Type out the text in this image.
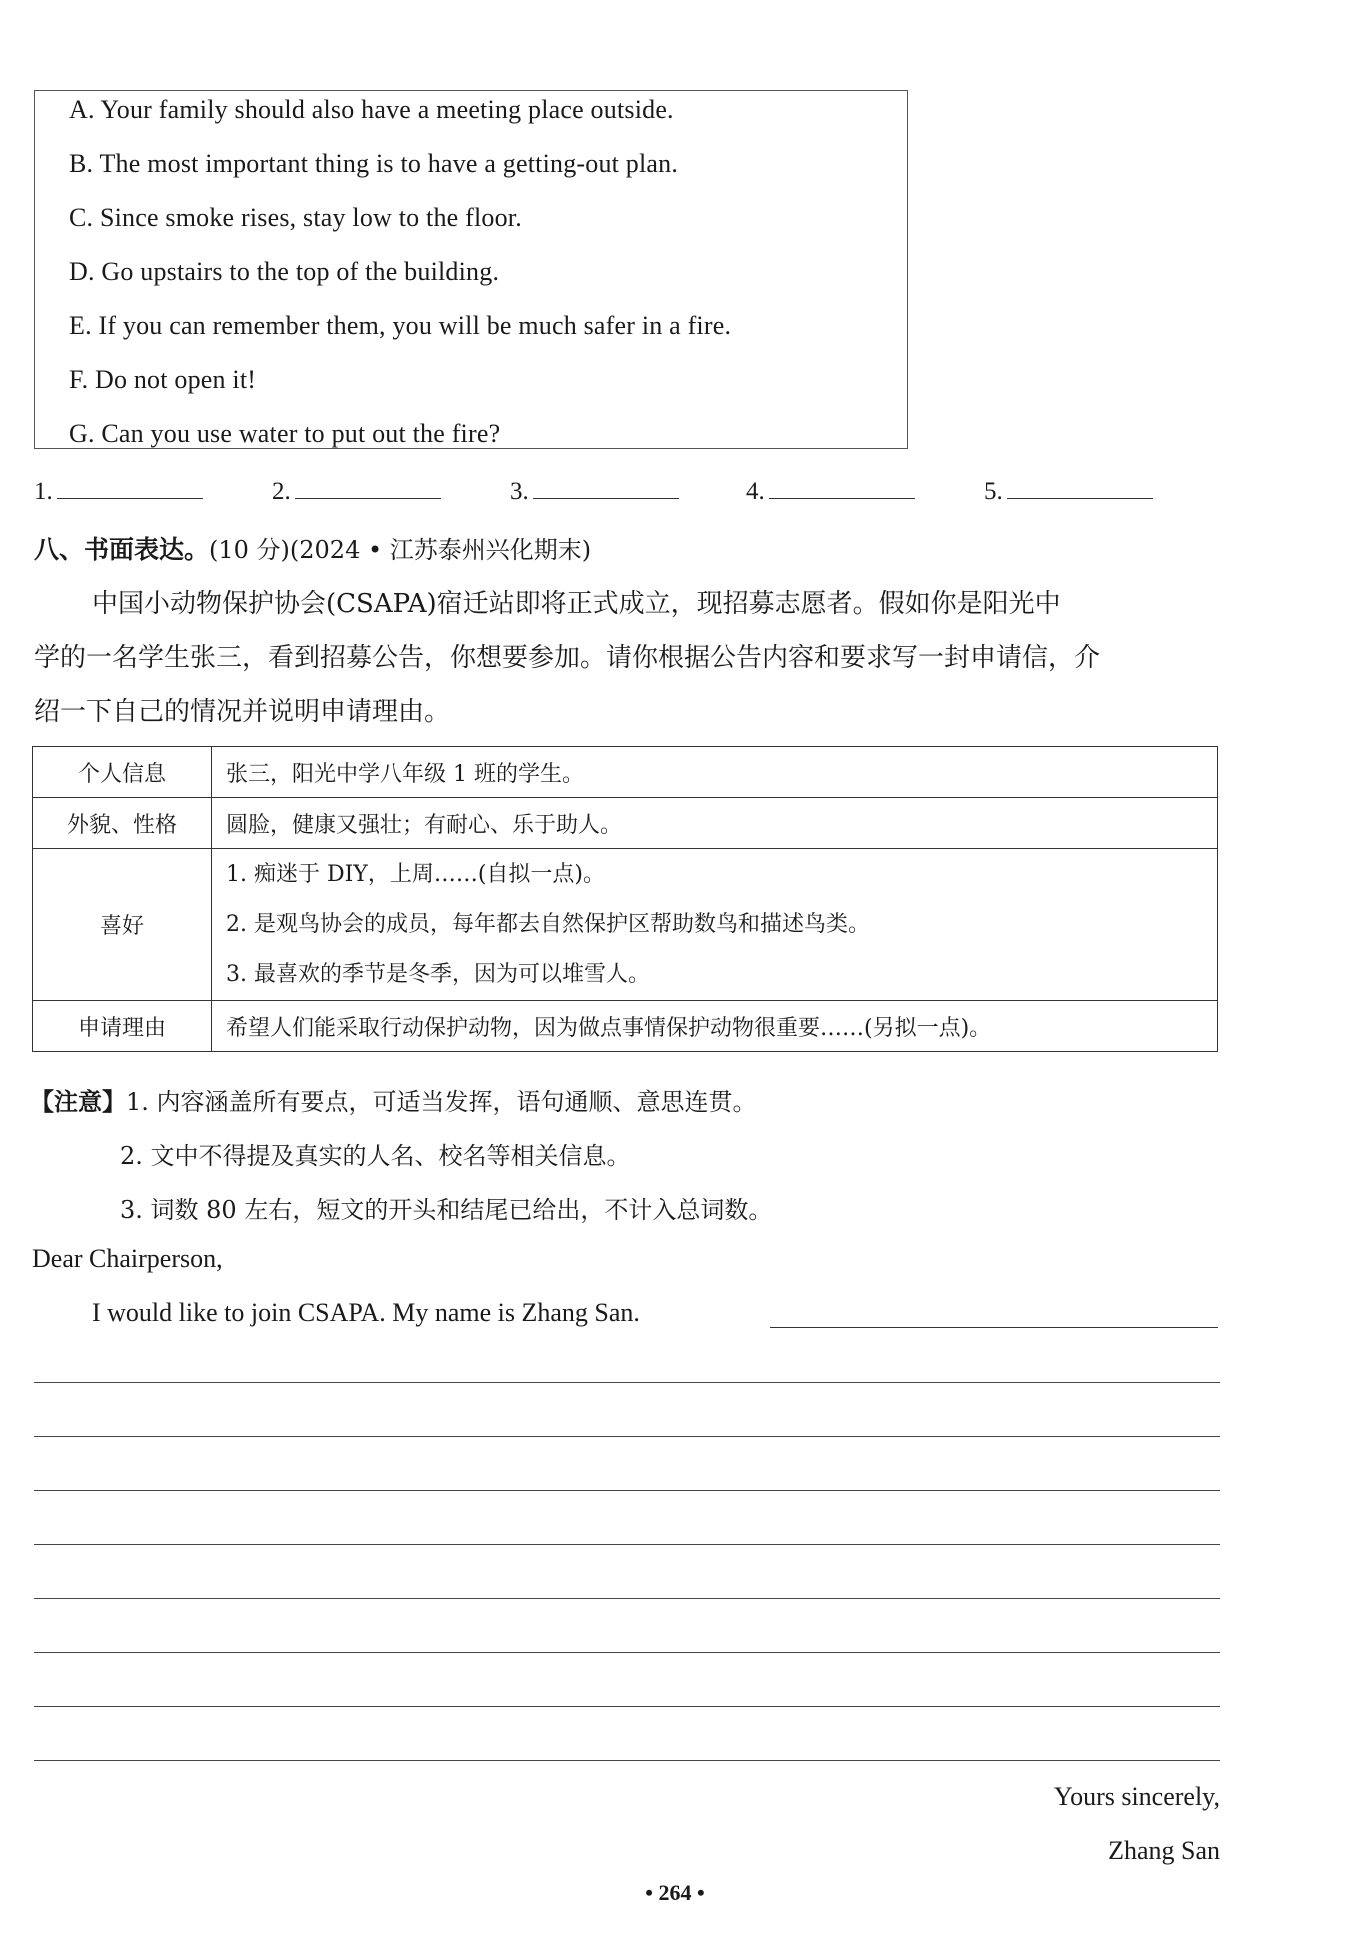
A. Your family should also have a meeting place outside.
B. The most important thing is to have a getting-out plan.
C. Since smoke rises, stay low to the floor.
D. Go upstairs to the top of the building.
E. If you can remember them, you will be much safer in a fire.
F. Do not open it!
G. Can you use water to put out the fire?
1.	2.	3.	4.	5.
八、书面表达。(10 分)(2024 • 江苏泰州兴化期末)
中国小动物保护协会(CSAPA)宿迁站即将正式成立，现招募志愿者。假如你是阳光中
学的一名学生张三，看到招募公告，你想要参加。请你根据公告内容和要求写一封申请信，介
绍一下自己的情况并说明申请理由。
个人信息	张三，阳光中学八年级 1 班的学生。
外貌、性格	圆脸，健康又强壮；有耐心、乐于助人。
喜好	1. 痴迷于 DIY，上周……(自拟一点)。
2. 是观鸟协会的成员，每年都去自然保护区帮助数鸟和描述鸟类。
3. 最喜欢的季节是冬季，因为可以堆雪人。

申请理由	希望人们能采取行动保护动物，因为做点事情保护动物很重要……(另拟一点)。
【注意】1. 内容涵盖所有要点，可适当发挥，语句通顺、意思连贯。
2. 文中不得提及真实的人名、校名等相关信息。
3. 词数 80 左右，短文的开头和结尾已给出，不计入总词数。
Dear Chairperson,
I would like to join CSAPA. My name is Zhang San.
Yours sincerely,
Zhang San
• 264 •
